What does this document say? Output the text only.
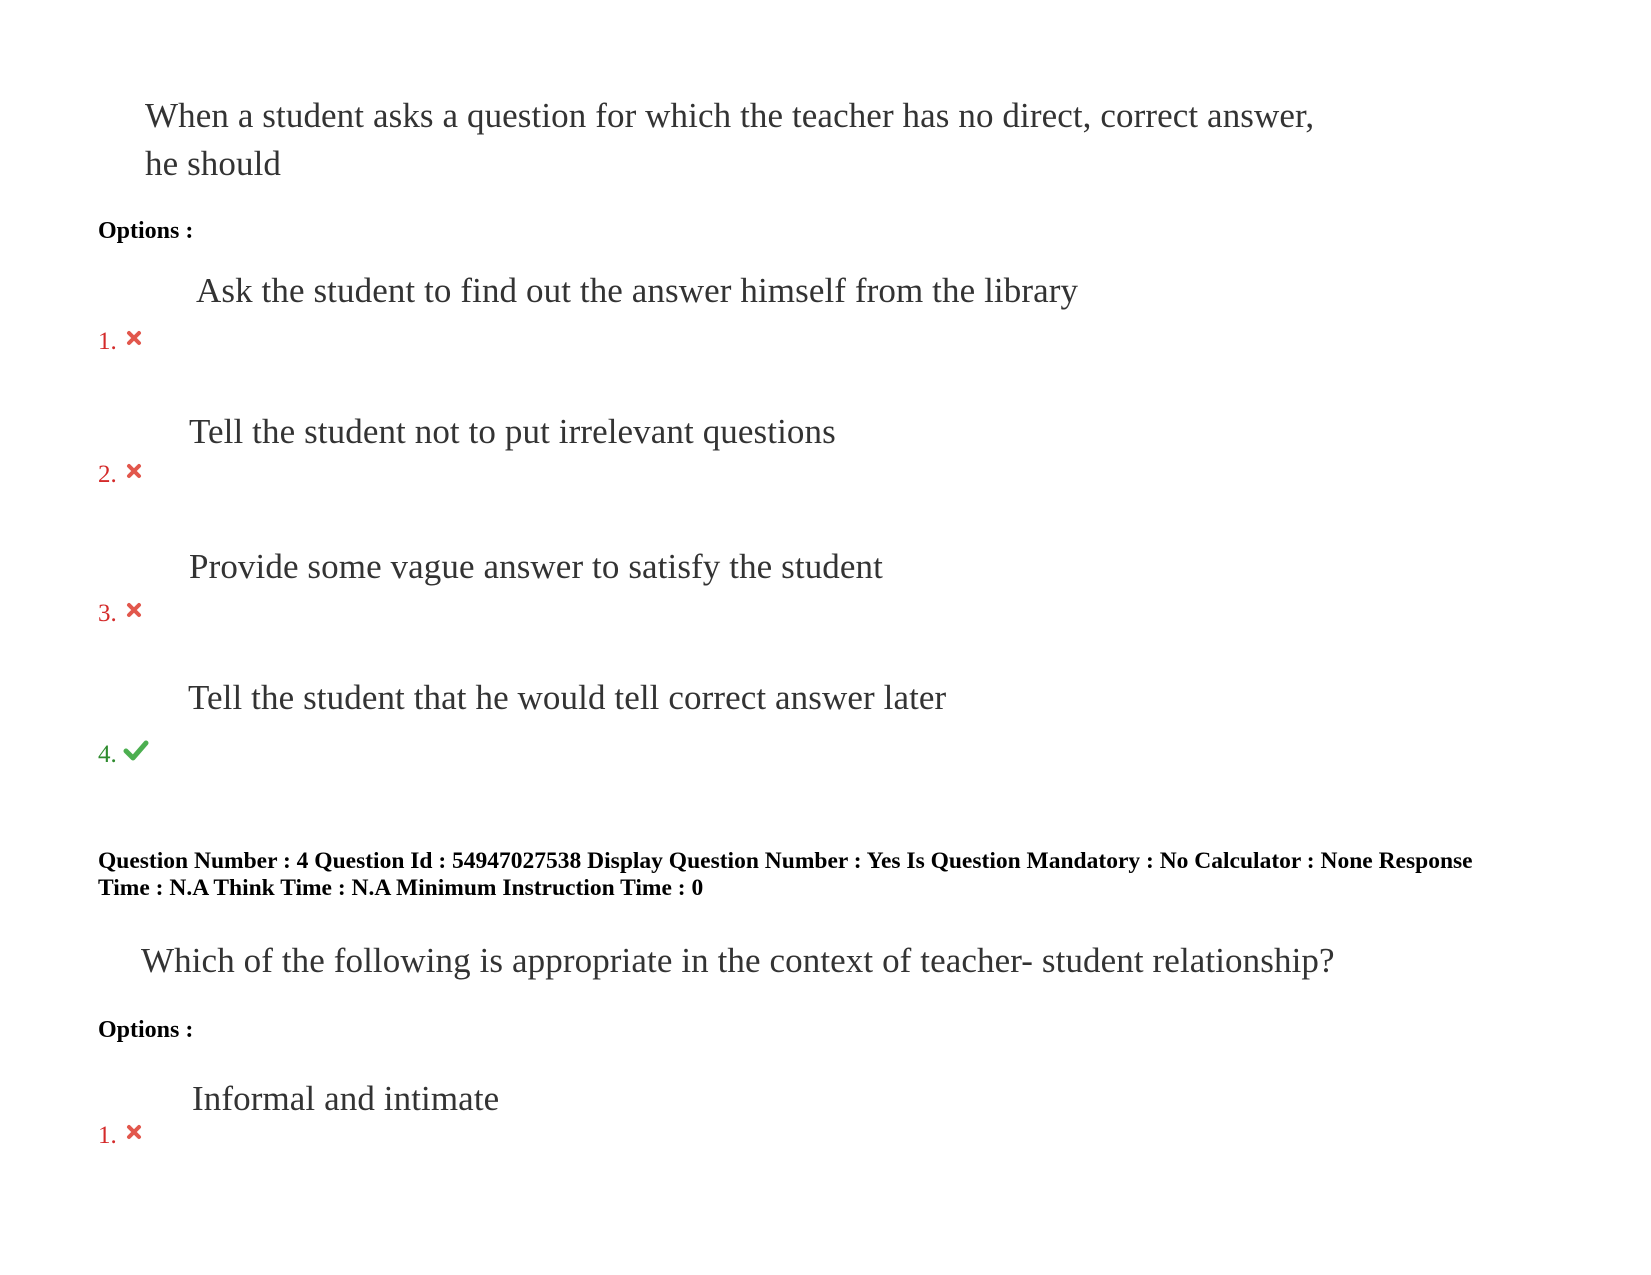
When a student asks a question for which the teacher has no direct, correct answer,
he should
Options :
Ask the student to find out the answer himself from the library
1.
Tell the student not to put irrelevant questions
2.
Provide some vague answer to satisfy the student
3.
Tell the student that he would tell correct answer later
4.
Question Number : 4 Question Id : 54947027538 Display Question Number : Yes Is Question Mandatory : No Calculator : None Response
Time : N.A Think Time : N.A Minimum Instruction Time : 0
Which of the following is appropriate in the context of teacher- student relationship?
Options :
Informal and intimate
1.
